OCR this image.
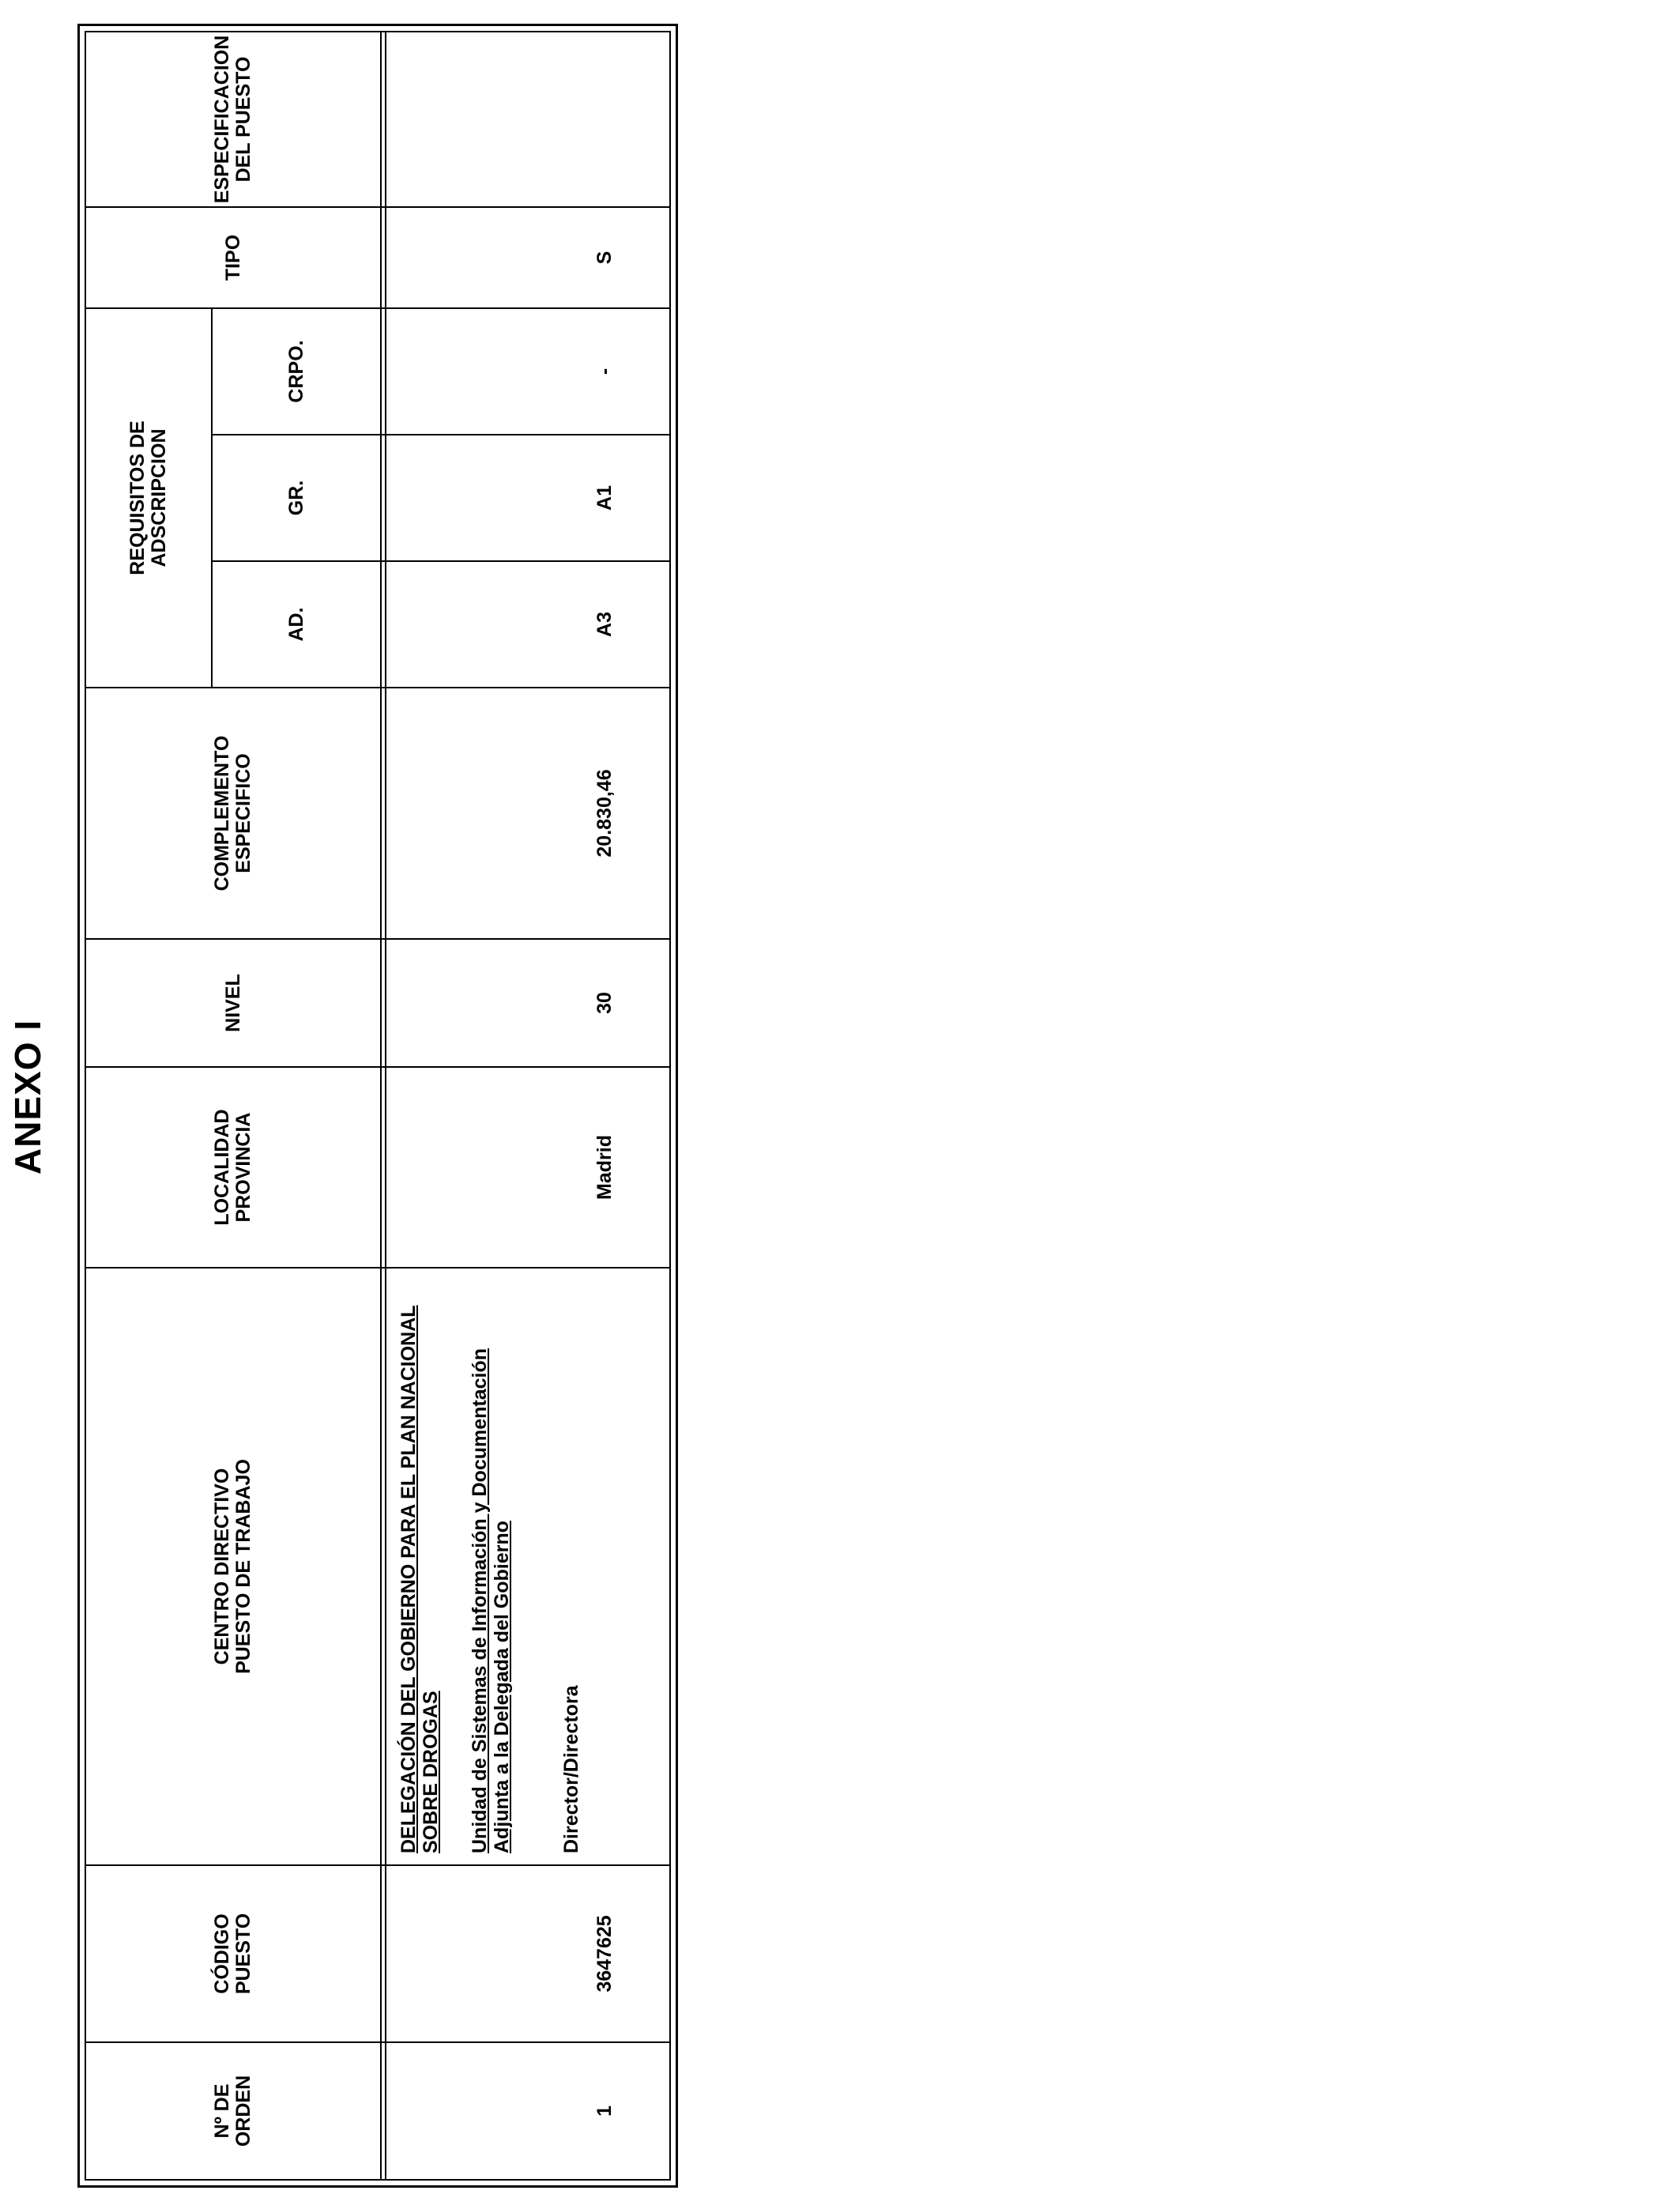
ANEXO I
Nº DE
ORDEN
CÓDIGO
PUESTO
CENTRO DIRECTIVO
PUESTO DE TRABAJO
LOCALIDAD
PROVINCIA
NIVEL
COMPLEMENTO
ESPECIFICO
REQUISITOS DE
ADSCRIPCION
AD.
GR.
CRPO.
TIPO
ESPECIFICACION DEL PUESTO
1
3647625
DELEGACIÓN DEL GOBIERNO PARA EL PLAN NACIONAL SOBRE DROGAS Unidad de Sistemas de Información y Documentación Adjunta a la Delegada del Gobierno Director/Directora
Madrid
30
20.830,46
A3
A1
-
S
